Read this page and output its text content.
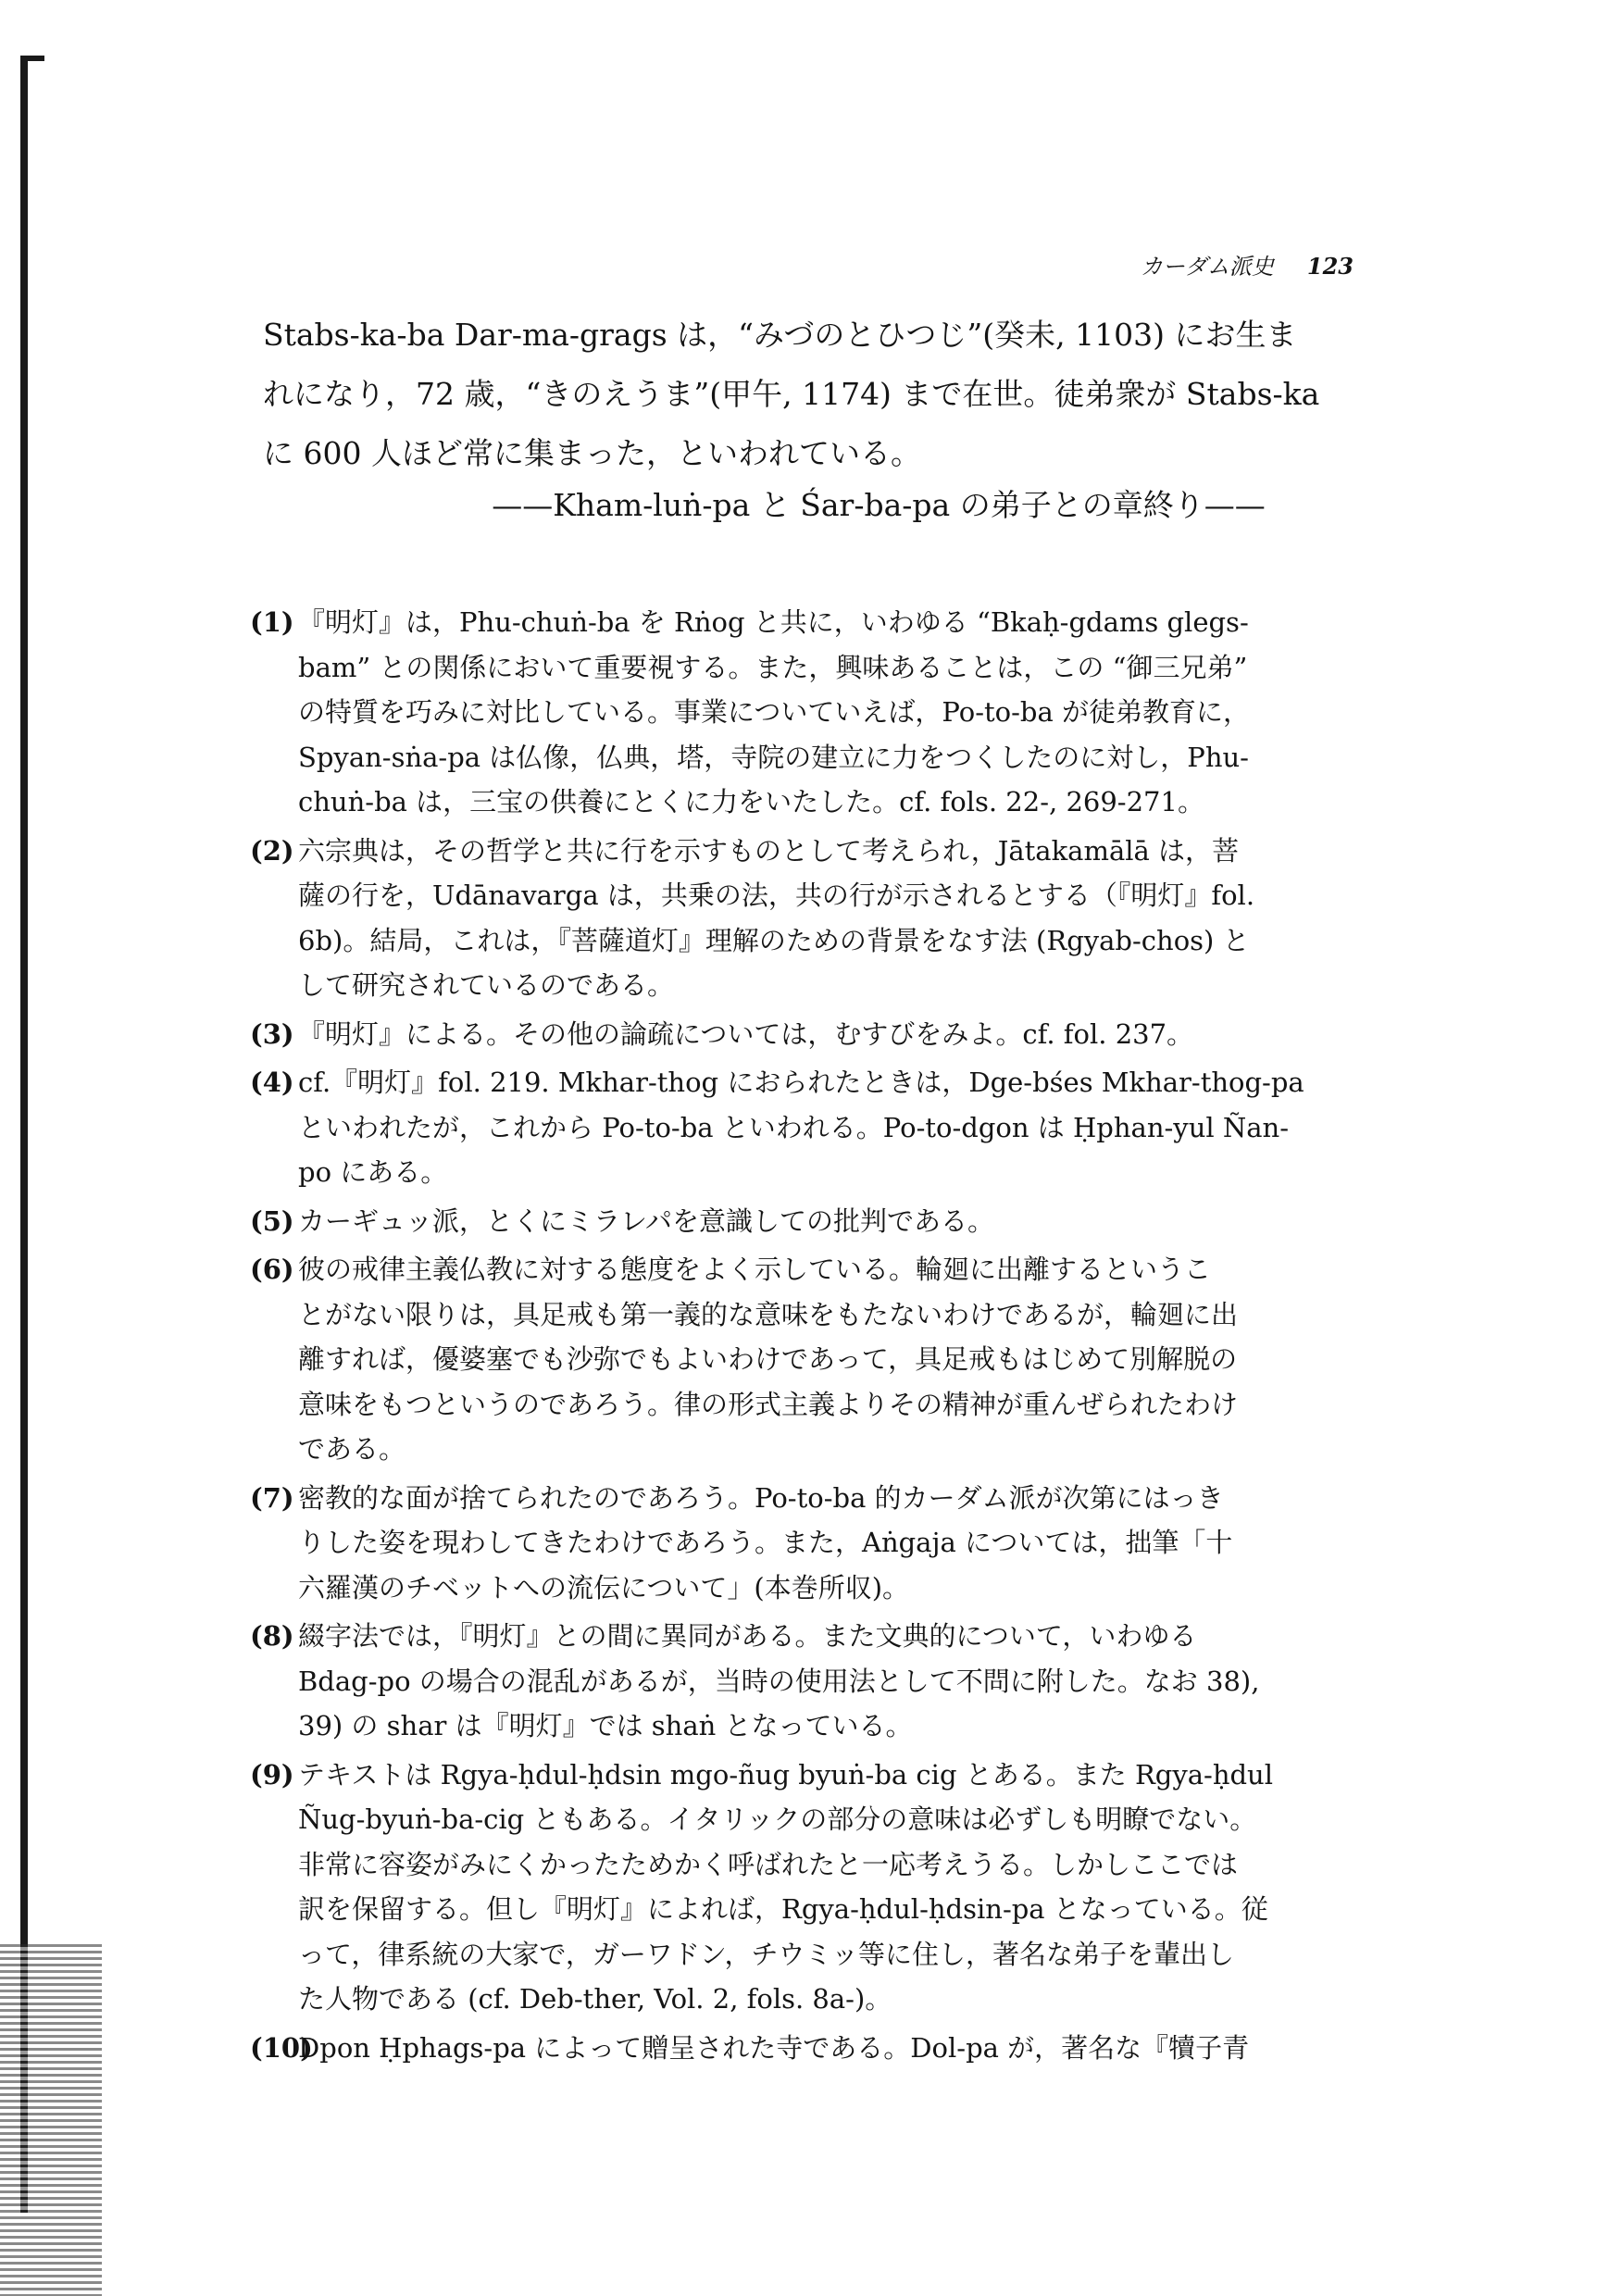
カーダム派史 123
Stabs-ka-ba Dar-ma-grags は，“みづのとひつじ”(癸未, 1103) にお生ま
れになり，72 歳，“きのえうま”(甲午, 1174) まで在世。徒弟衆が Stabs-ka
に 600 人ほど常に集まった，といわれている。
——Kham-luṅ-pa と Śar-ba-pa の弟子との章終り——
(1) 『明灯』は，Phu-chuṅ-ba を Rṅog と共に，いわゆる “Bkaḥ-gdams glegs-
bam” との関係において重要視する。また，興味あることは，この “御三兄弟”
の特質を巧みに対比している。事業についていえば，Po-to-ba が徒弟教育に，
Spyan-sṅa-pa は仏像，仏典，塔，寺院の建立に力をつくしたのに対し，Phu-
chuṅ-ba は，三宝の供養にとくに力をいたした。cf. fols. 22-, 269-271。
(2) 六宗典は，その哲学と共に行を示すものとして考えられ，Jātakamālā は，菩
薩の行を，Udānavarga は，共乗の法，共の行が示されるとする（『明灯』fol.
6b)。結局，これは，『菩薩道灯』理解のための背景をなす法 (Rgyab-chos) と
して研究されているのである。
(3) 『明灯』による。その他の論疏については，むすびをみよ。cf. fol. 237。
(4) cf.『明灯』fol. 219. Mkhar-thog におられたときは，Dge-bśes Mkhar-thog-pa
といわれたが，これから Po-to-ba といわれる。Po-to-dgon は Ḥphan-yul Ñan-
po にある。
(5) カーギュッ派，とくにミラレパを意識しての批判である。
(6) 彼の戒律主義仏教に対する態度をよく示している。輪廻に出離するというこ
とがない限りは，具足戒も第一義的な意味をもたないわけであるが，輪廻に出
離すれば，優婆塞でも沙弥でもよいわけであって，具足戒もはじめて別解脱の
意味をもつというのであろう。律の形式主義よりその精神が重んぜられたわけ
である。
(7) 密教的な面が捨てられたのであろう。Po-to-ba 的カーダム派が次第にはっき
りした姿を現わしてきたわけであろう。また，Aṅgaja については，拙筆「十
六羅漢のチベットへの流伝について」(本巻所収)。
(8) 綴字法では，『明灯』との間に異同がある。また文典的について，いわゆる
Bdag-po の場合の混乱があるが，当時の使用法として不問に附した。なお 38),
39) の shar は『明灯』では shaṅ となっている。
(9) テキストは Rgya-ḥdul-ḥdsin mgo-ñug byuṅ-ba cig とある。また Rgya-ḥdul
Ñug-byuṅ-ba-cig ともある。イタリックの部分の意味は必ずしも明瞭でない。
非常に容姿がみにくかったためかく呼ばれたと一応考えうる。しかしここでは
訳を保留する。但し『明灯』によれば，Rgya-ḥdul-ḥdsin-pa となっている。従
って，律系統の大家で，ガーワドン，チウミッ等に住し，著名な弟子を輩出し
た人物である (cf. Deb-ther, Vol. 2, fols. 8a-)。
(10)
Dpon Ḥphags-pa によって贈呈された寺である。Dol-pa が，著名な『犢子青
